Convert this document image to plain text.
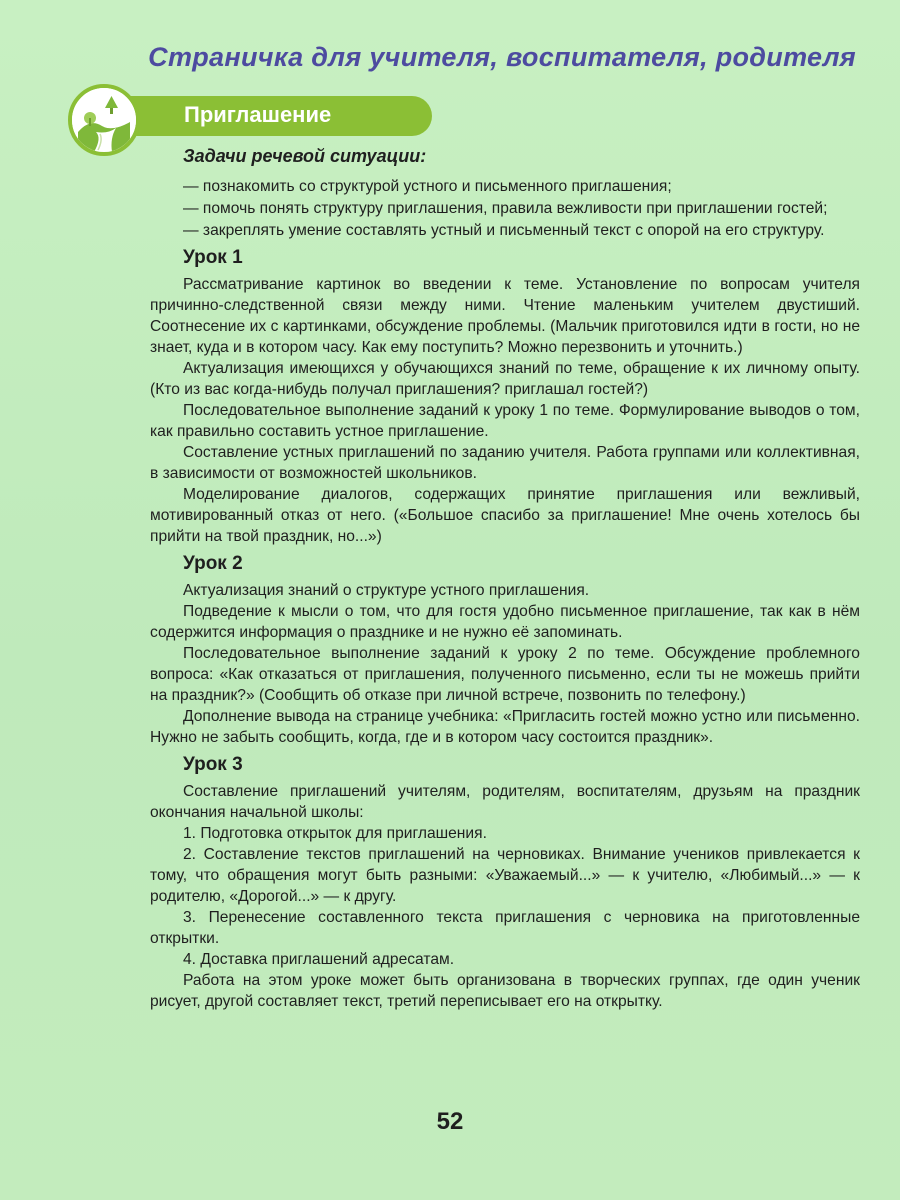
Страничка для учителя, воспитателя, родителя
Приглашение
Задачи речевой ситуации:

— познакомить со структурой устного и письменного приглашения;

— помочь понять структуру приглашения, правила вежливости при приглашении гостей;

— закреплять умение составлять устный и письменный текст с опорой на его структуру.

Урок 1

Рассматривание картинок во введении к теме. Установление по вопросам учителя причинно-следственной связи между ними. Чтение маленьким учителем двустиший. Соотнесение их с картинками, обсуждение проблемы. (Мальчик приготовился идти в гости, но не знает, куда и в котором часу. Как ему поступить? Можно перезвонить и уточнить.)

Актуализация имеющихся у обучающихся знаний по теме, обращение к их личному опыту. (Кто из вас когда-нибудь получал приглашения? приглашал гостей?)

Последовательное выполнение заданий к уроку 1 по теме. Формулирование выводов о том, как правильно составить устное приглашение.

Составление устных приглашений по заданию учителя. Работа группами или коллективная, в зависимости от возможностей школьников.

Моделирование диалогов, содержащих принятие приглашения или вежливый, мотивированный отказ от него. («Большое спасибо за приглашение! Мне очень хотелось бы прийти на твой праздник, но...»)

Урок 2

Актуализация знаний о структуре устного приглашения.

Подведение к мысли о том, что для гостя удобно письменное приглашение, так как в нём содержится информация о празднике и не нужно её запоминать.

Последовательное выполнение заданий к уроку 2 по теме. Обсуждение проблемного вопроса: «Как отказаться от приглашения, полученного письменно, если ты не можешь прийти на праздник?» (Сообщить об отказе при личной встрече, позвонить по телефону.)

Дополнение вывода на странице учебника: «Пригласить гостей можно устно или письменно. Нужно не забыть сообщить, когда, где и в котором часу состоится праздник».

Урок 3

Составление приглашений учителям, родителям, воспитателям, друзьям на праздник окончания начальной школы:

1. Подготовка открыток для приглашения.

2. Составление текстов приглашений на черновиках. Внимание учеников привлекается к тому, что обращения могут быть разными: «Уважаемый...» — к учителю, «Любимый...» — к родителю, «Дорогой...» — к другу.

3. Перенесение составленного текста приглашения с черновика на приготовленные открытки.

4. Доставка приглашений адресатам.

Работа на этом уроке может быть организована в творческих группах, где один ученик рисует, другой составляет текст, третий переписывает его на открытку.

52
